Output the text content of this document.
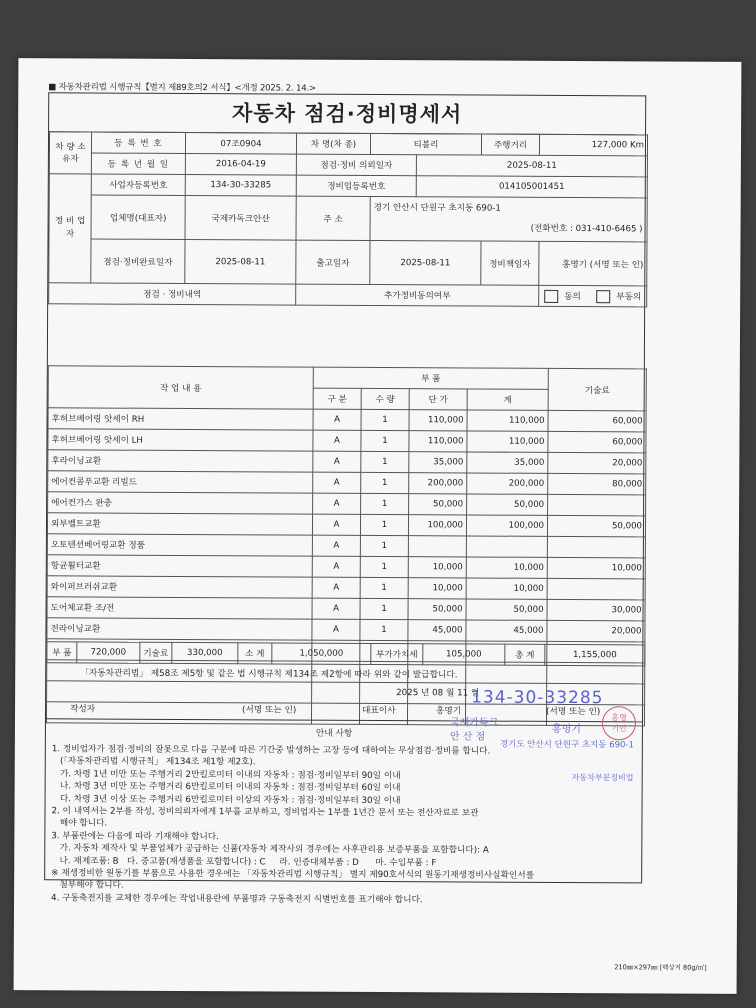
■ 자동차관리법 시행규칙【별지 제89호의2 서식】<개정 2025. 2. 14.>
자동차 점검·정비명세서
차 량 소유자	등 록 번 호	07조0904	차 명(차 종)	티볼리		주행거리	127,000 Km
	등 록 년 월 일	2016-04-19	점검·정비 의뢰일자		2025-08-11		
정 비 업 자	사업자등록번호	134-30-33285	정비업등록번호		014105001451		
	업체명(대표자)	국제카독크안산	주 소	경기 안산시 단원구 초지동 690-1
(전화번호 : 031-410-6465 )			

	점검·정비완료일자	2025-08-11	출고일자	2025-08-11		정비책임자	홍명기 (서명 또는 인)
점검 · 정비내역			추가정비동의여부				동의 부동의
작 업 내 용	부 품				기술료
	구 분	수 량	단 가	계	
후허브베어링 앗세이 RH	A	1	110,000	110,000	60,000
후허브베어링 앗세이 LH	A	1	110,000	110,000	60,000
후라이닝교환	A	1	35,000	35,000	20,000
에어컨콤푸교환 리빌드	A	1	200,000	200,000	80,000
에어컨가스 완충	A	1	50,000	50,000	
외부벨트교환	A	1	100,000	100,000	50,000
오토텐션베어링교환 정품	A	1			
항균휠터교환	A	1	10,000	10,000	10,000
와이퍼브러쉬교환	A	1	10,000	10,000	
도어체교환 조/전	A	1	50,000	50,000	30,000
전라이닝교환	A	1	45,000	45,000	20,000

부 품	720,000	기술료	330,000	소 계	1,050,000	부가가치세	105,000	총 계	1,155,000
「자동차관리법」 제58조 제5항 및 같은 법 시행규칙 제134조 제2항에 따라 위와 같이 발급합니다.
2025 년 08 월 11 일
작성자	(서명 또는 인)	대표이사	홍명기	(서명 또는 인)
안내 사항
1. 정비업자가 점검·정비의 잘못으로 다음 구분에 따른 기간중 발생하는 고장 등에 대하여는 무상점검·정비를 합니다.
(「자동차관리법 시행규칙」 제134조 제1항 제2호).
가. 차령 1년 미만 또는 주행거리 2만킬로미터 이내의 자동차 : 점검·정비일부터 90일 이내
나. 차령 3년 미만 또는 주행거리 6만킬로미터 이내의 자동차 : 점검·정비일부터 60일 이내
다. 차령 3년 이상 또는 주행거리 6만킬로미터 이상의 자동차 : 점검·정비일부터 30일 이내
2. 이 내역서는 2부를 작성, 정비의뢰자에게 1부를 교부하고, 정비업자는 1부를 1년간 문서 또는 전산자료로 보관
해야 합니다.
3. 부품란에는 다음에 따라 기재해야 합니다.
가. 자동차 제작사 및 부품업체가 공급하는 신품(자동차 제작사의 경우에는 사후관리용 보증부품을 포함합니다): A
나. 재제조품: B   다. 중고품(재생품을 포함합니다) : C     라. 인증대체부품 : D      마. 수입부품 : F
※ 재생정비한 원동기를 부품으로 사용한 경우에는 「자동차관리법 시행규칙」 별지 제90호서식의 원동기재생정비사실확인서를
첨부해야 합니다.
4. 구동축전지를 교체한 경우에는 작업내용란에 부품명과 구동축전지 식별번호를 표기해야 합니다.
134-30-33285
국제카독크
안 산 점
홍명기
경기도 안산시 단원구 초지동 690-1
자동차부분정비업
홍명
기인
210㎜×297㎜ [백상지 80g/㎡]
